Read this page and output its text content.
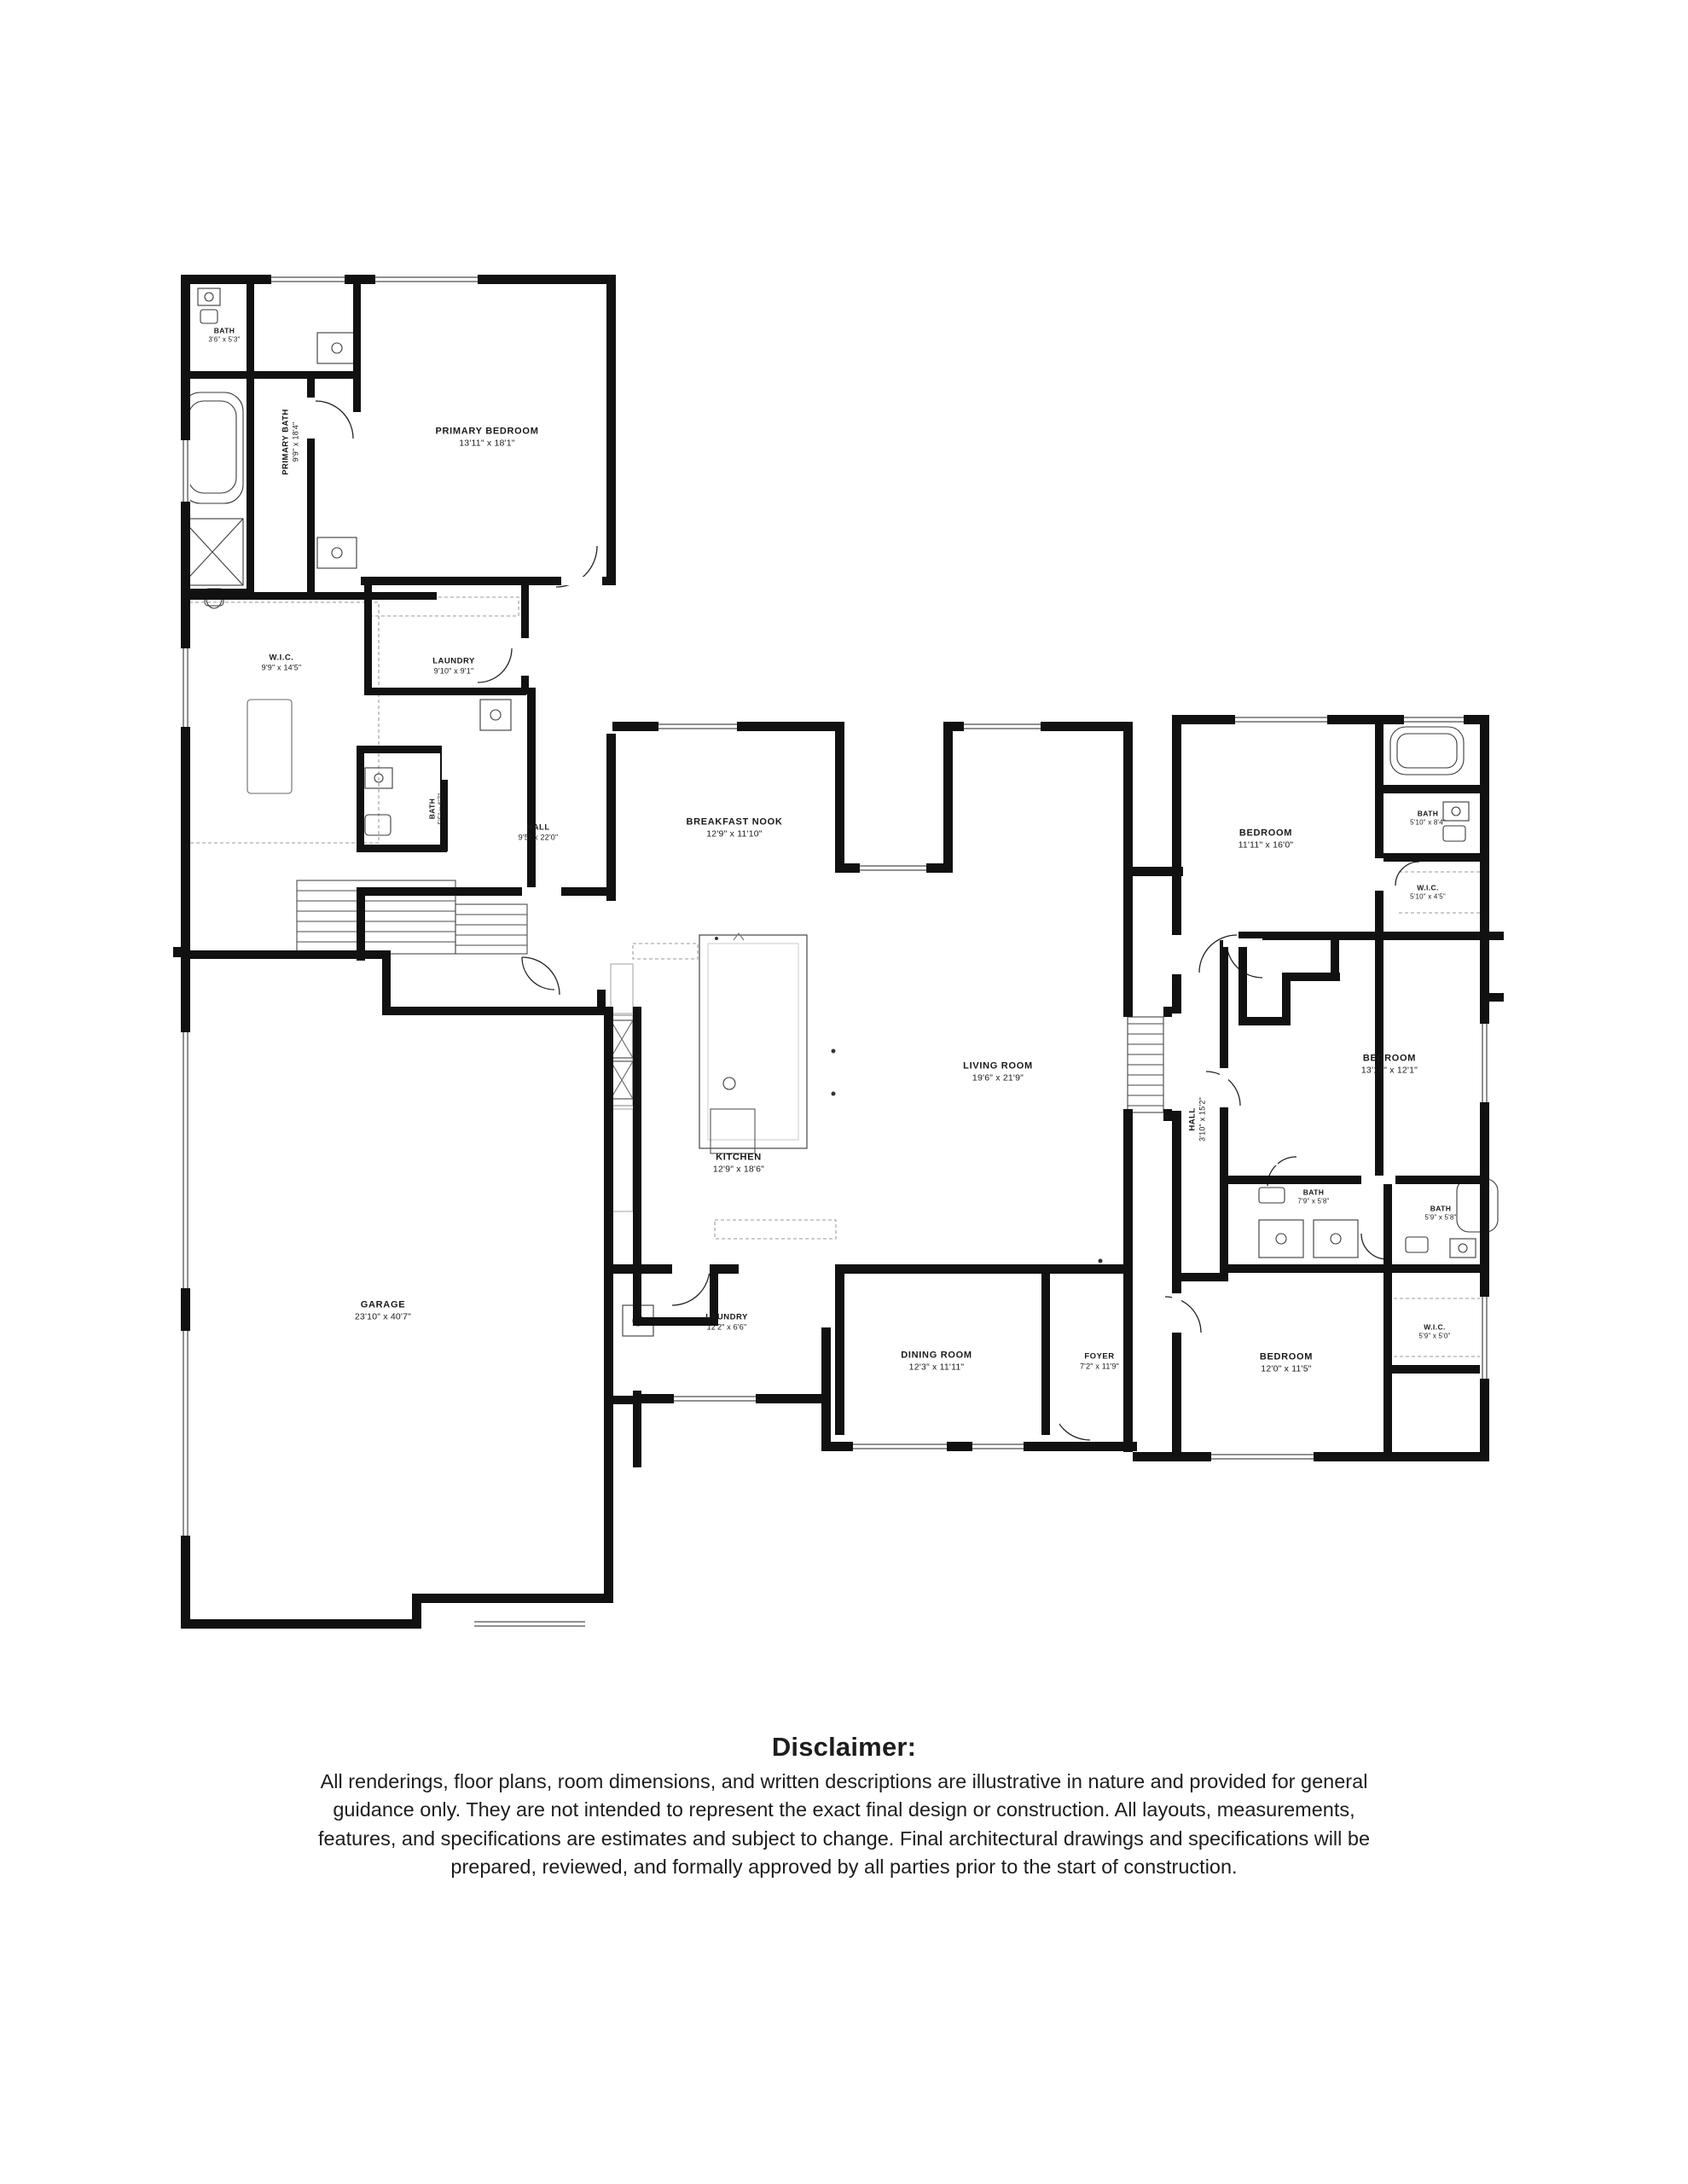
BATH
3'6" x 5'3"
PRIMARY BATH 9'9" x 18'4"	PRIMARY BEDROOM
13'11" x 18'1"
W.I.C.
9'9" x 14'5"
LAUNDRY
9'10" x 9'1"
BATH 5'5" x 6'7"
HALL
9'5" x 22'0"
BREAKFAST NOOK
12'9" x 11'10"	BEDROOM
11'11" x 16'0"
BATH
5'10" x 8'4"
W.I.C.
5'10" x 4'5"
LIVING ROOM
19'6" x 21'9"
HALL 3'10" x 15'2"
BEDROOM
13'10" x 12'1"
KITCHEN
12'9" x 18'6"
BATH
7'9" x 5'8"
BATH
5'9" x 5'8"
GARAGE
23'10" x 40'7"	LAUNDRY
12'2" x 6'6"
BEDROOM
12'0" x 11'5"
W.I.C.
5'9" x 5'0"
DINING ROOM
12'3" x 11'11"
FOYER
7'2" x 11'9"
Disclaimer:

All renderings, floor plans, room dimensions, and written descriptions are illustrative in nature and provided for general guidance only. They are not intended to represent the exact final design or construction. All layouts, measurements, features, and specifications are estimates and subject to change. Final architectural drawings and specifications will be prepared, reviewed, and formally approved by all parties prior to the start of construction.
